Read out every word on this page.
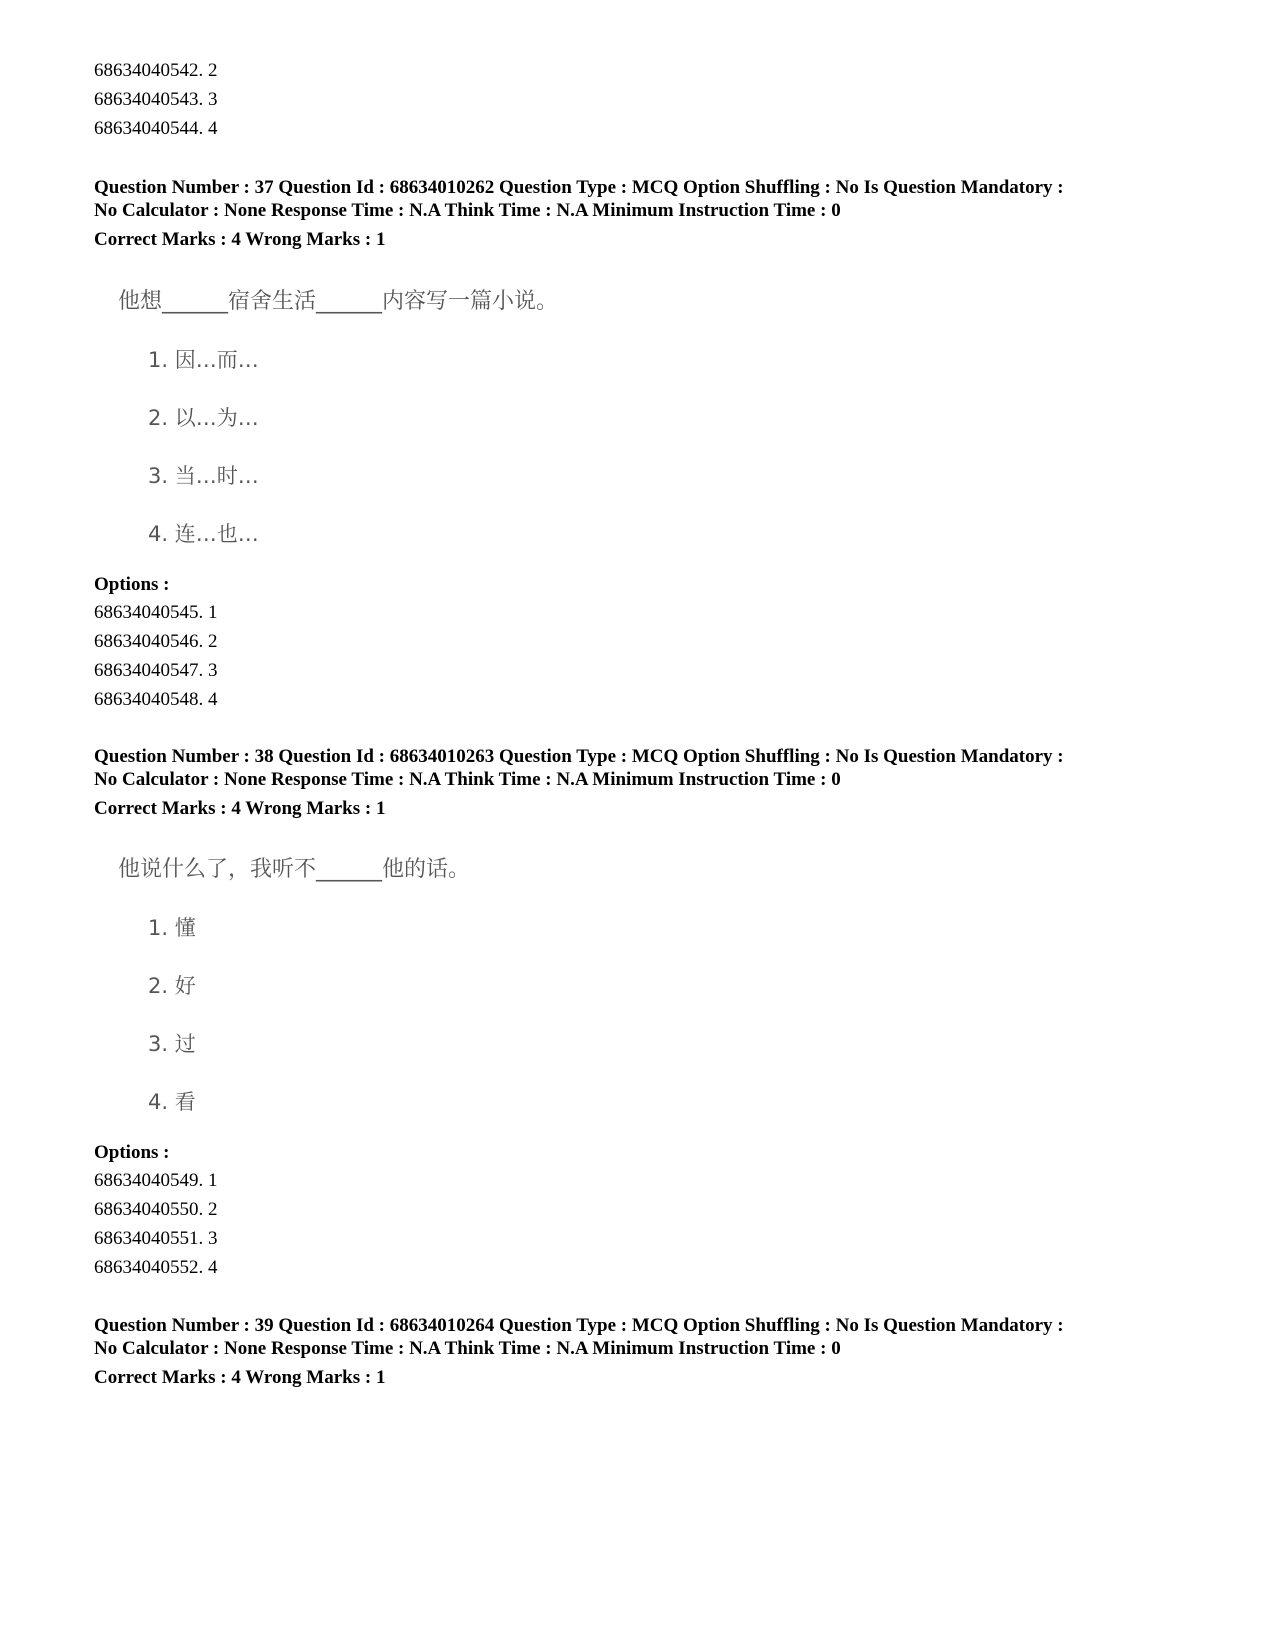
68634040542. 2
68634040543. 3
68634040544. 4
Question Number : 37 Question Id : 68634010262 Question Type : MCQ Option Shuffling : No Is Question Mandatory :
No Calculator : None Response Time : N.A Think Time : N.A Minimum Instruction Time : 0
Correct Marks : 4 Wrong Marks : 1
他想______宿舍生活______内容写一篇小说。
1. 因…而…
2. 以…为…
3. 当…时…
4. 连…也…
Options :
68634040545. 1
68634040546. 2
68634040547. 3
68634040548. 4
Question Number : 38 Question Id : 68634010263 Question Type : MCQ Option Shuffling : No Is Question Mandatory :
No Calculator : None Response Time : N.A Think Time : N.A Minimum Instruction Time : 0
Correct Marks : 4 Wrong Marks : 1
他说什么了，我听不______他的话。
1. 懂
2. 好
3. 过
4. 看
Options :
68634040549. 1
68634040550. 2
68634040551. 3
68634040552. 4
Question Number : 39 Question Id : 68634010264 Question Type : MCQ Option Shuffling : No Is Question Mandatory :
No Calculator : None Response Time : N.A Think Time : N.A Minimum Instruction Time : 0
Correct Marks : 4 Wrong Marks : 1
